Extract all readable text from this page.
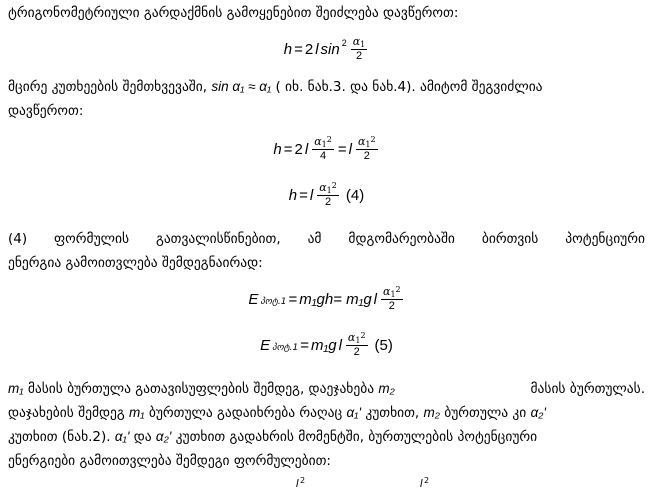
ტრიგონომეტრიული გარდაქმნის გამოყენებით შეიძლება დავწეროთ:
h = 2 l $\sin 2 \frac{\alpha_1}{2}$
მცირე კუთხეების შემთხვევაში, sin α₁ ≈ α₁ ( იხ. ნახ.3. და ნახ.4). ამიტომ შეგვიძლია
დავწეროთ:
h = 2 l $\frac{\alpha_1^2}{4} = l \frac{\alpha_1^2}{2}$
h = l $\frac{\alpha_1^2}{2} (4)$
(4) ფორმულის გათვალისწინებით, ამ მდგომარეობაში ბირთვის პოტენციური
ენერგია გამოითვლება შემდეგნაირად:
E პოტ.1 = m₁gh= m₁g l $\frac{\alpha_1^2}{2}$
E პოტ.1 = m₁g l $\frac{\alpha_1^2}{2} (5)$
m₁ მასის ბურთულა გათავისუფლების შემდეგ, დაეჯახება m₂	მასის ბურთულას.
დაჯახების შემდეგ m₁ ბურთულა გადაიხრება რაღაც α₁ʹ კუთხით, m₂ ბურთულა კი α₂ʹ
კუთხით (ნახ.2). α₁ʹ და α₂ʹ კუთხით გადახრის მომენტში, ბურთულების პოტენციური
ენერგიები გამოითვლება შემდეგი ფორმულებით:
l 2	l 2
